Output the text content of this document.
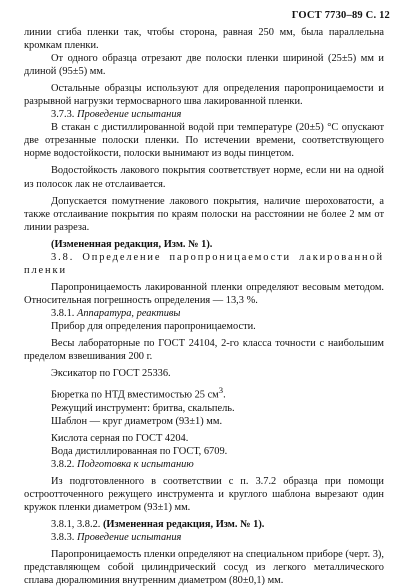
ГОСТ 7730–89 С. 12

линии сгиба пленки так, чтобы сторона, равная 250 мм, была параллельна кромкам пленки.

От одного образца отрезают две полоски пленки шириной (25±5) мм и длиной (95±5) мм.

Остальные образцы используют для определения паропроницаемости и разрывной нагрузки термосварного шва лакированной пленки.

3.7.3. Проведение испытания

В стакан с дистиллированной водой при температуре (20±5) °С опускают две отрезанные полоски пленки. По истечении времени, соответствующего норме водостойкости, полоски вынимают из воды пинцетом.

Водостойкость лакового покрытия соответствует норме, если ни на одной из полосок лак не отслаивается.

Допускается помутнение лакового покрытия, наличие шероховатости, а также отслаивание покрытия по краям полоски на расстоянии не более 2 мм от линии разреза.

(Измененная редакция, Изм. № 1).

3.8. Определение паропроницаемости лакированной пленки

Паропроницаемость лакированной пленки определяют весовым методом. Относительная погрешность определения — 13,3 %.

3.8.1. Аппаратура, реактивы

Прибор для определения паропроницаемости.

Весы лабораторные по ГОСТ 24104, 2-го класса точности с наибольшим пределом взвешивания 200 г.

Эксикатор по ГОСТ 25336.

Бюретка по НТД вместимостью 25 $см^3$.

Режущий инструмент: бритва, скальпель.

Шаблон — круг диаметром (93±1) мм.

Кислота серная по ГОСТ 4204.

Вода дистиллированная по ГОСТ, 6709.

3.8.2. Подготовка к испытанию

Из подготовленного в соответствии с п. 3.7.2 образца при помощи остроотточенного режущего инструмента и круглого шаблона вырезают один кружок пленки диаметром (93±1) мм.

3.8.1, 3.8.2. (Измененная редакция, Изм. № 1).

3.8.3. Проведение испытания

Паропроницаемость пленки определяют на специальном приборе (черт. 3), представляющем собой цилиндрический сосуд из легкого металлического сплава дюралюминия внутренним диаметром (80±0,1) мм.
